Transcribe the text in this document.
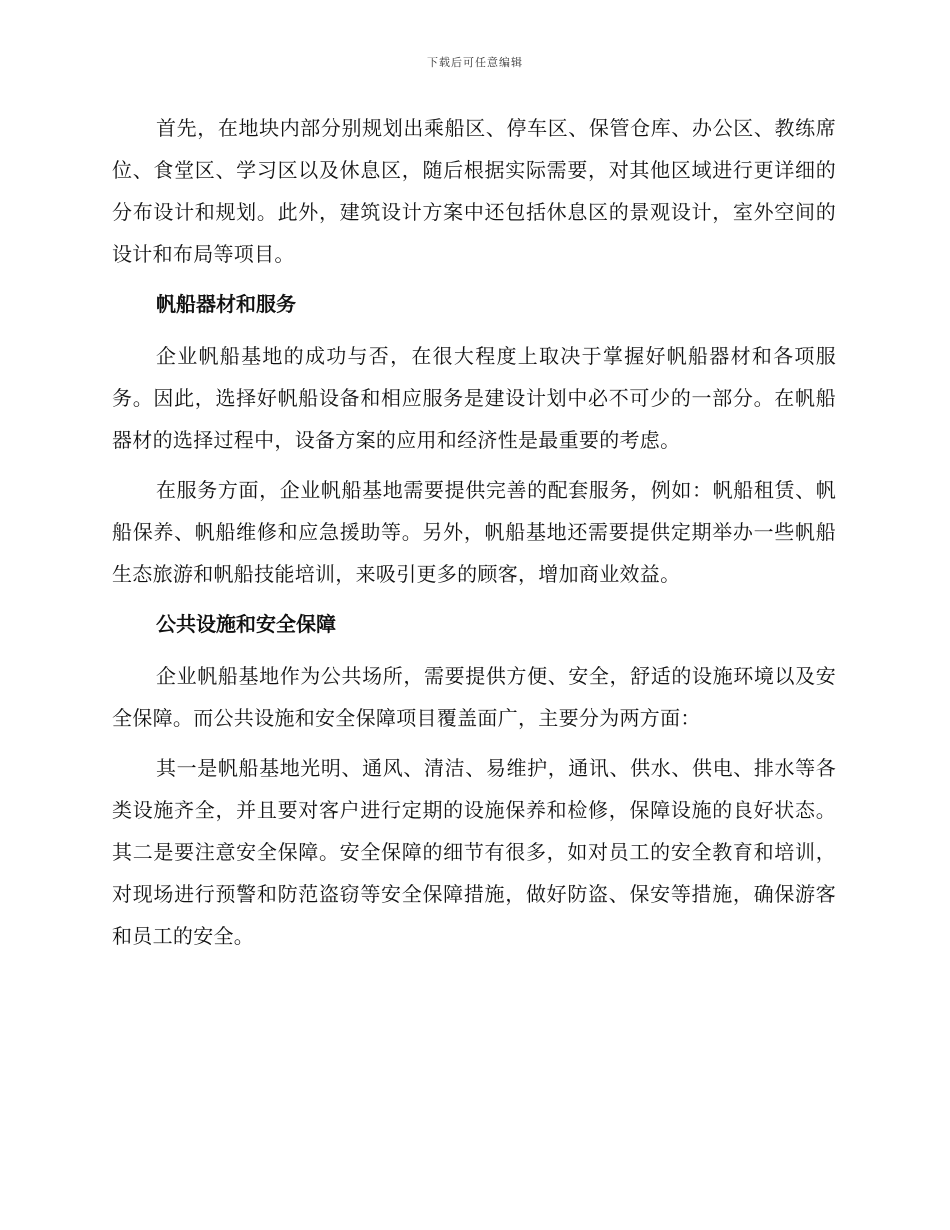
下载后可任意编辑

首先，在地块内部分别规划出乘船区、停车区、保管仓库、办公区、教练席位、食堂区、学习区以及休息区，随后根据实际需要，对其他区域进行更详细的分布设计和规划。此外，建筑设计方案中还包括休息区的景观设计，室外空间的设计和布局等项目。

帆船器材和服务

企业帆船基地的成功与否，在很大程度上取决于掌握好帆船器材和各项服务。因此，选择好帆船设备和相应服务是建设计划中必不可少的一部分。在帆船器材的选择过程中，设备方案的应用和经济性是最重要的考虑。

在服务方面，企业帆船基地需要提供完善的配套服务，例如：帆船租赁、帆船保养、帆船维修和应急援助等。另外，帆船基地还需要提供定期举办一些帆船生态旅游和帆船技能培训，来吸引更多的顾客，增加商业效益。

公共设施和安全保障

企业帆船基地作为公共场所，需要提供方便、安全，舒适的设施环境以及安全保障。而公共设施和安全保障项目覆盖面广，主要分为两方面：

其一是帆船基地光明、通风、清洁、易维护，通讯、供水、供电、排水等各类设施齐全，并且要对客户进行定期的设施保养和检修，保障设施的良好状态。其二是要注意安全保障。安全保障的细节有很多，如对员工的安全教育和培训，对现场进行预警和防范盗窃等安全保障措施，做好防盗、保安等措施，确保游客和员工的安全。
